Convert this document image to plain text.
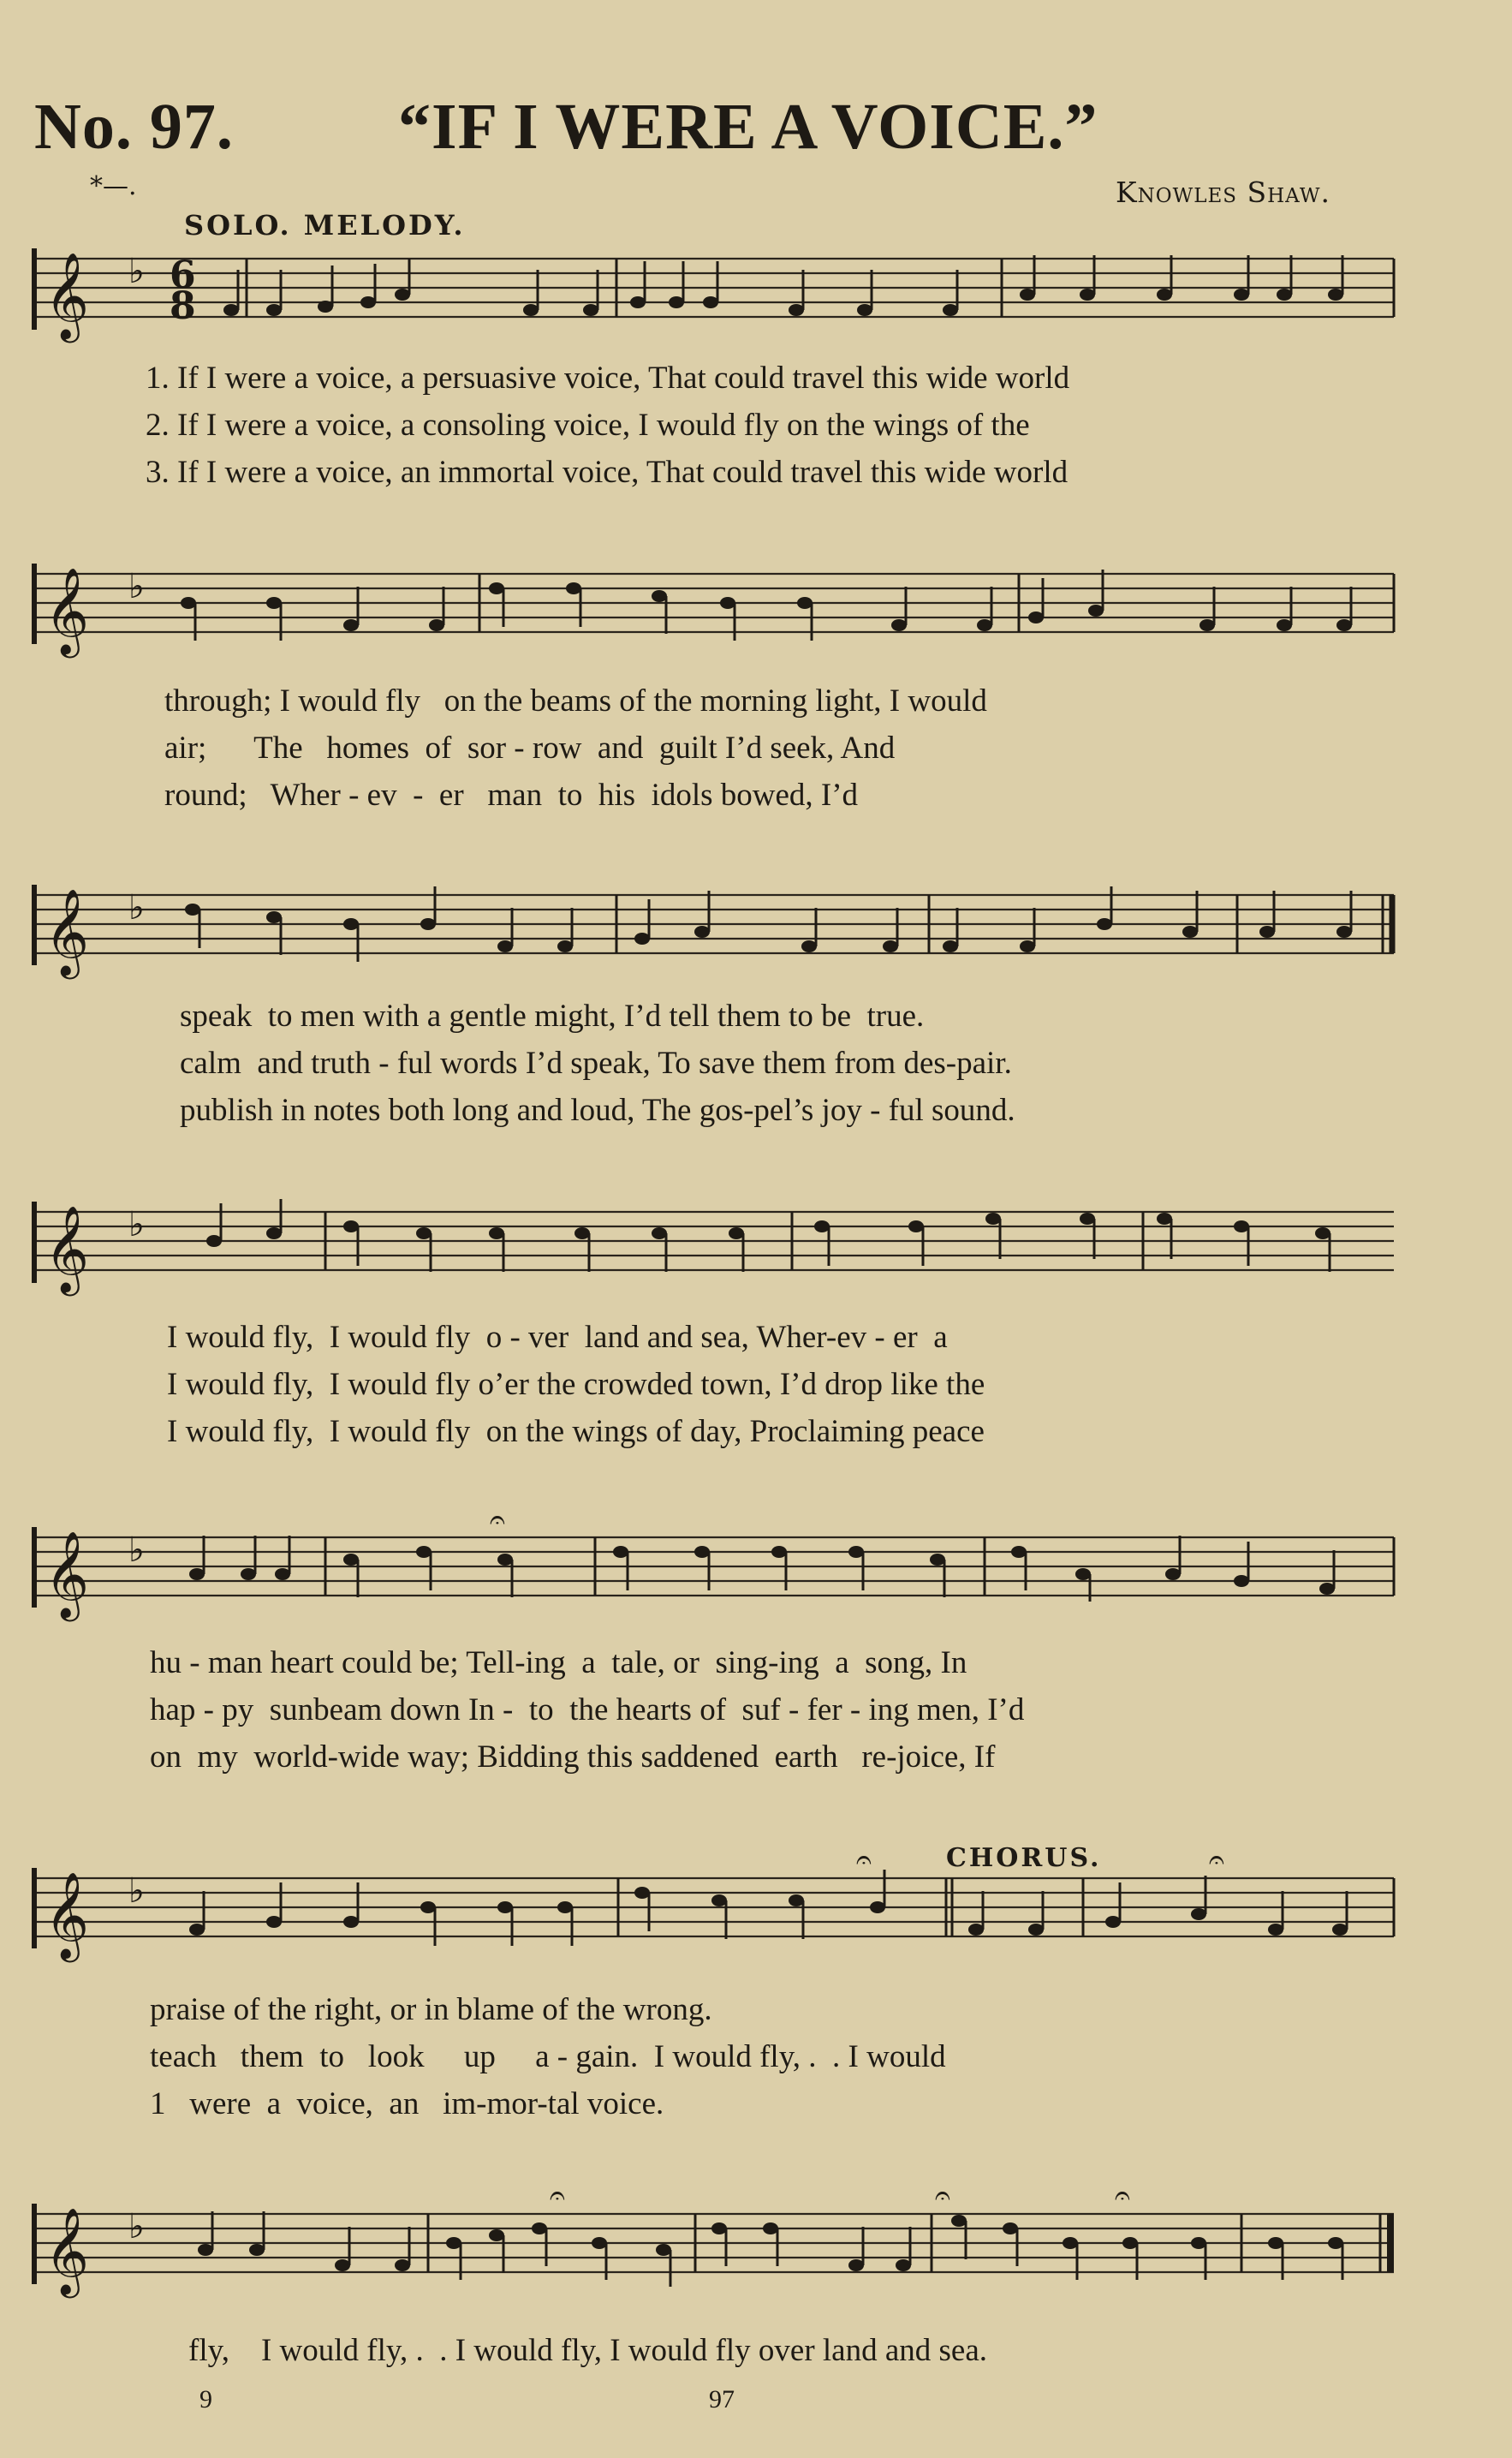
No. 97.	“IF I WERE A VOICE.”
*—.	Knowles Shaw.
SOLO. MELODY.
𝄞 ♭ 6
8
1. If I were a voice, a persuasive voice, That could travel this wide world
2. If I were a voice, a consoling voice, I would fly on the wings of the
3. If I were a voice, an immortal voice, That could travel this wide world
𝄞 ♭
through; I would fly   on the beams of the morning light, I would
air;      The   homes  of  sor - row  and  guilt I’d seek, And
round;   Wher - ev  -  er   man  to  his  idols bowed, I’d
𝄞 ♭
speak  to men with a gentle might, I’d tell them to be  true.
calm  and truth - ful words I’d speak, To save them from des-pair.
publish in notes both long and loud, The gos-pel’s joy - ful sound.
𝄞 ♭
I would fly,  I would fly  o - ver  land and sea, Wher-ev - er  a
I would fly,  I would fly o’er the crowded town, I’d drop like the
I would fly,  I would fly  on the wings of day, Proclaiming peace
𝄞 ♭
𝄐
hu - man heart could be; Tell-ing  a  tale, or  sing-ing  a  song, In
hap - py  sunbeam down In -  to  the hearts of  suf - fer - ing men, I’d
on  my  world-wide way; Bidding this saddened  earth   re-joice, If
CHORUS.
𝄞 ♭
𝄐	𝄐
praise of the right, or in blame of the wrong.
teach   them  to   look     up     a - gain.  I would fly, .  . I would
1   were  a  voice,  an   im-mor-tal voice.
𝄞 ♭
𝄐	𝄐	𝄐
fly,    I would fly, .  . I would fly, I would fly over land and sea.
9	97
